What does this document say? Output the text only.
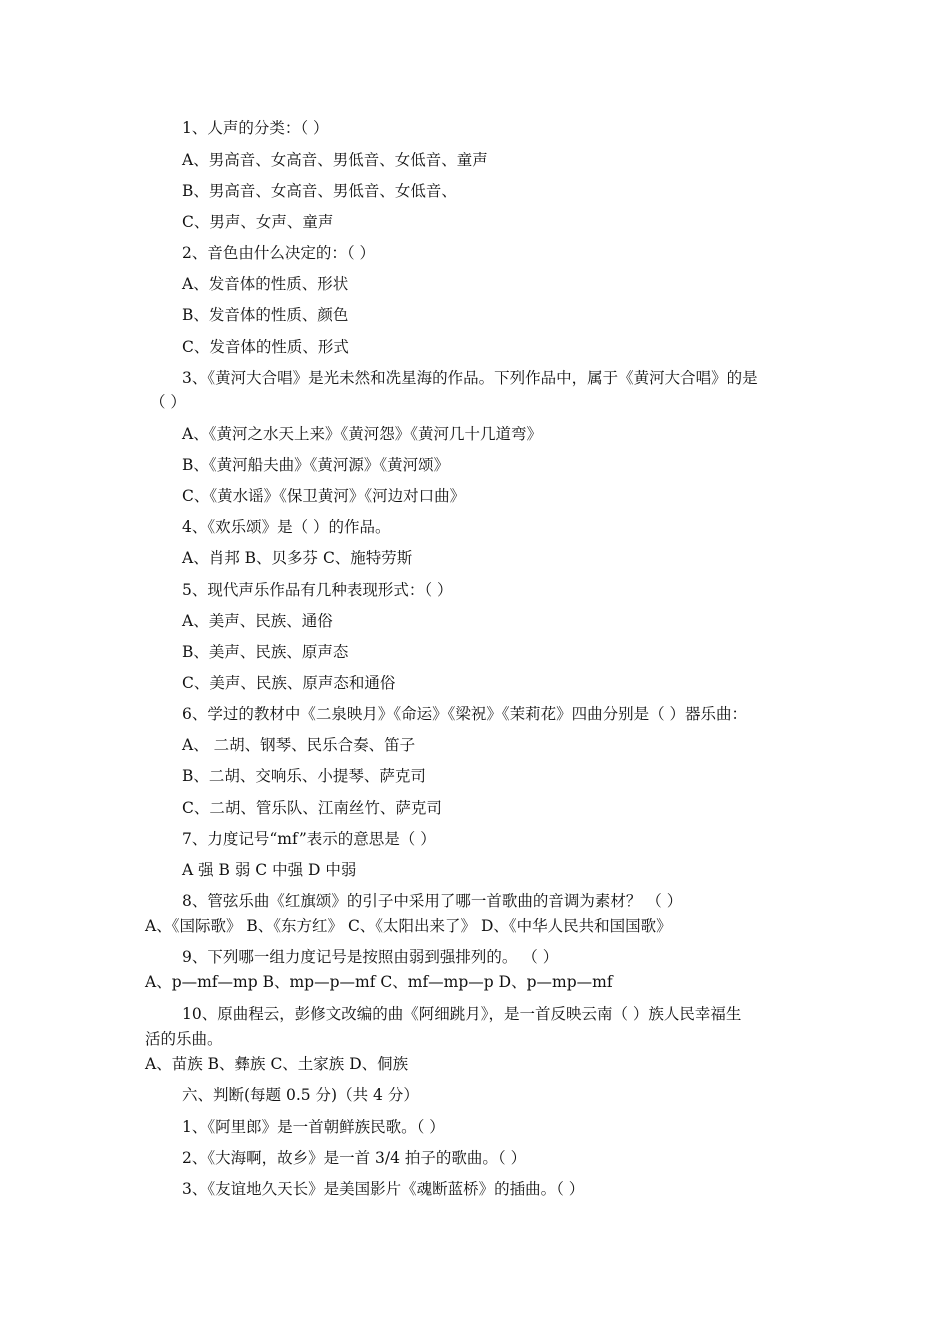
1、人声的分类：（ ）

A、男高音、女高音、男低音、女低音、童声

B、男高音、女高音、男低音、女低音、

C、男声、女声、童声

2、音色由什么决定的：（ ）

A、发音体的性质、形状

B、发音体的性质、颜色

C、发音体的性质、形式

3、《黄河大合唱》是光未然和冼星海的作品。下列作品中，属于《黄河大合唱》的是

（ ）

A、《黄河之水天上来》《黄河怨》《黄河几十几道弯》

B、《黄河船夫曲》《黄河源》《黄河颂》

C、《黄水谣》《保卫黄河》《河边对口曲》

4、《欢乐颂》是（ ）的作品。

A、肖邦 B、贝多芬 C、施特劳斯

5、现代声乐作品有几种表现形式：（ ）

A、美声、民族、通俗

B、美声、民族、原声态

C、美声、民族、原声态和通俗

6、学过的教材中《二泉映月》《命运》《梁祝》《茉莉花》四曲分别是（ ）器乐曲：

A、 二胡、钢琴、民乐合奏、笛子

B、二胡、交响乐、小提琴、萨克司

C、二胡、管乐队、江南丝竹、萨克司

7、力度记号“mf”表示的意思是（ ）

A 强 B 弱 C 中强 D 中弱

8、管弦乐曲《红旗颂》的引子中采用了哪一首歌曲的音调为素材？ （ ）

A、《国际歌》 B、《东方红》 C、《太阳出来了》 D、《中华人民共和国国歌》

9、下列哪一组力度记号是按照由弱到强排列的。 （ ）

A、p—mf—mp B、mp—p—mf C、mf—mp—p D、p—mp—mf

10、原曲程云，彭修文改编的曲《阿细跳月》，是一首反映云南（ ）族人民幸福生

活的乐曲。

A、苗族 B、彝族 C、土家族 D、侗族

六、判断(每题 0.5 分)（共 4 分）

1、《阿里郎》是一首朝鲜族民歌。（ ）

2、《大海啊，故乡》是一首 3/4 拍子的歌曲。（ ）

3、《友谊地久天长》是美国影片《魂断蓝桥》的插曲。（ ）
